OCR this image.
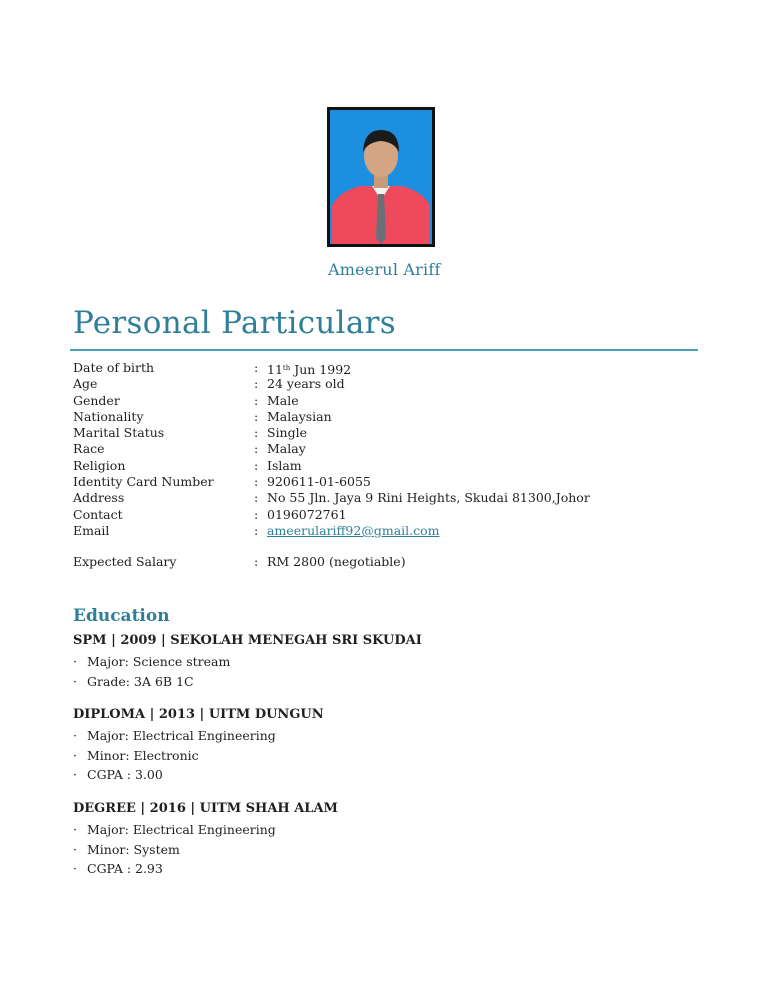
Ameerul Ariff
Personal Particulars
Date of birth	: 11th Jun 1992
Age	: 24 years old
Gender	: Male
Nationality	: Malaysian
Marital Status	: Single
Race	: Malay
Religion	: Islam
Identity Card Number	: 920611-01-6055
Address	: No 55 Jln. Jaya 9 Rini Heights, Skudai 81300,Johor
Contact	: 0196072761
Email	: ameerulariff92@gmail.com
Expected Salary	: RM 2800 (negotiable)
Education
SPM | 2009 | SEKOLAH MENEGAH SRI SKUDAI
· Major: Science stream
· Grade: 3A 6B 1C
DIPLOMA | 2013 | UITM DUNGUN
· Major: Electrical Engineering
· Minor: Electronic
· CGPA : 3.00
DEGREE | 2016 | UITM SHAH ALAM
· Major: Electrical Engineering
· Minor: System
· CGPA : 2.93
